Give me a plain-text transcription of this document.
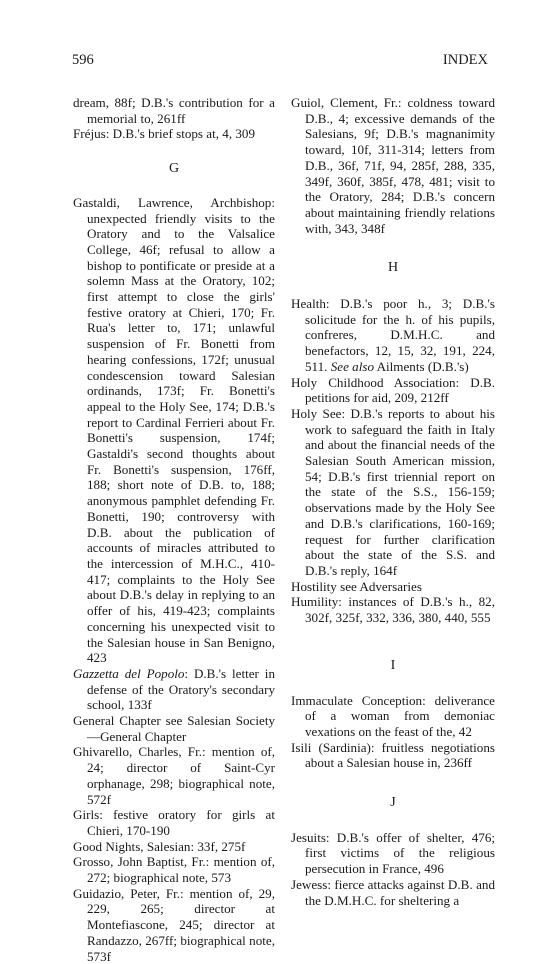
596	INDEX

dream, 88f; D.B.'s contribution for a memorial to, 261ff

Fréjus: D.B.'s brief stops at, 4, 309

G

Gastaldi, Lawrence, Archbishop: unexpected friendly visits to the Oratory and to the Valsalice College, 46f; refusal to allow a bishop to pontificate or preside at a solemn Mass at the Oratory, 102; first attempt to close the girls' festive oratory at Chieri, 170; Fr. Rua's letter to, 171; unlawful suspension of Fr. Bonetti from hearing confessions, 172f; unusual condescension toward Salesian ordinands, 173f; Fr. Bonetti's appeal to the Holy See, 174; D.B.'s report to Cardinal Ferrieri about Fr. Bonetti's suspension, 174f; Gastaldi's second thoughts about Fr. Bonetti's suspension, 176ff, 188; short note of D.B. to, 188; anonymous pamphlet defending Fr. Bonetti, 190; controversy with D.B. about the publication of accounts of miracles attributed to the intercession of M.H.C., 410-417; complaints to the Holy See about D.B.'s delay in replying to an offer of his, 419-423; complaints concerning his unexpected visit to the Salesian house in San Benigno, 423

Gazzetta del Popolo: D.B.'s letter in defense of the Oratory's secondary school, 133f

General Chapter see Salesian Society—General Chapter

Ghivarello, Charles, Fr.: mention of, 24; director of Saint-Cyr orphanage, 298; biographical note, 572f

Girls: festive oratory for girls at Chieri, 170-190

Good Nights, Salesian: 33f, 275f

Grosso, John Baptist, Fr.: mention of, 272; biographical note, 573

Guidazio, Peter, Fr.: mention of, 29, 229, 265; director at Montefiascone, 245; director at Randazzo, 267ff; biographical note, 573f

Guiol, Clement, Fr.: coldness toward D.B., 4; excessive demands of the Salesians, 9f; D.B.'s magnanimity toward, 10f, 311-314; letters from D.B., 36f, 71f, 94, 285f, 288, 335, 349f, 360f, 385f, 478, 481; visit to the Oratory, 284; D.B.'s concern about maintaining friendly relations with, 343, 348f

H

Health: D.B.'s poor h., 3; D.B.'s solicitude for the h. of his pupils, confreres, D.M.H.C. and benefactors, 12, 15, 32, 191, 224, 511. See also Ailments (D.B.'s)

Holy Childhood Association: D.B. petitions for aid, 209, 212ff

Holy See: D.B.'s reports to about his work to safeguard the faith in Italy and about the financial needs of the Salesian South American mission, 54; D.B.'s first triennial report on the state of the S.S., 156-159; observations made by the Holy See and D.B.'s clarifications, 160-169; request for further clarification about the state of the S.S. and D.B.'s reply, 164f

Hostility see Adversaries

Humility: instances of D.B.'s h., 82, 302f, 325f, 332, 336, 380, 440, 555

I

Immaculate Conception: deliverance of a woman from demoniac vexations on the feast of the, 42

Isili (Sardinia): fruitless negotiations about a Salesian house in, 236ff

J

Jesuits: D.B.'s offer of shelter, 476; first victims of the religious persecution in France, 496

Jewess: fierce attacks against D.B. and the D.M.H.C. for sheltering a
